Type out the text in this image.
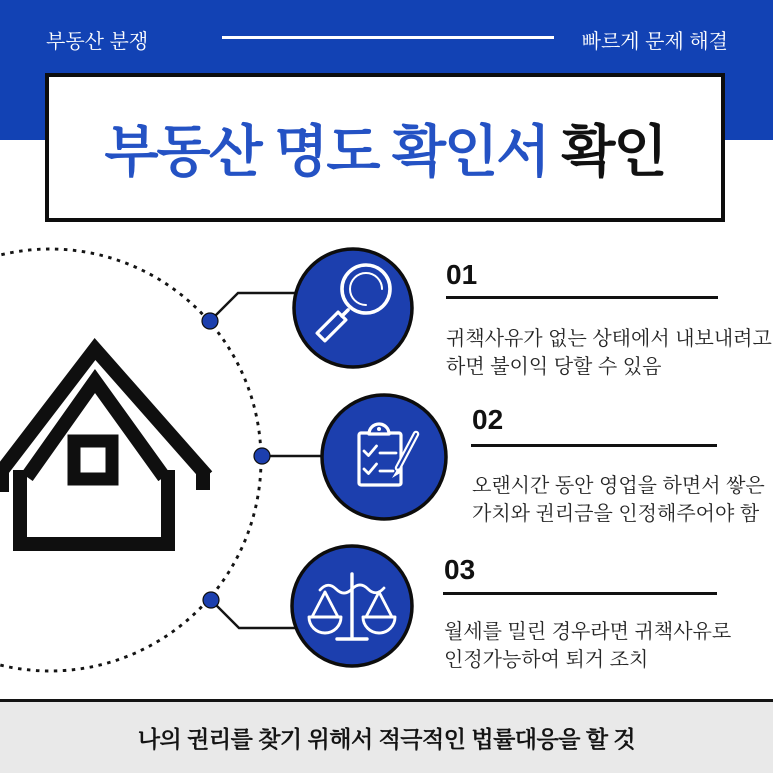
부동산 분쟁	빠르게 문제 해결
부동산 명도 확인서 확인
01
귀책사유가 없는 상태에서 내보내려고
하면 불이익 당할 수 있음
02
오랜시간 동안 영업을 하면서 쌓은
가치와 권리금을 인정해주어야 함
03
월세를 밀린 경우라면 귀책사유로
인정가능하여 퇴거 조치
나의 권리를 찾기 위해서 적극적인 법률대응을 할 것
